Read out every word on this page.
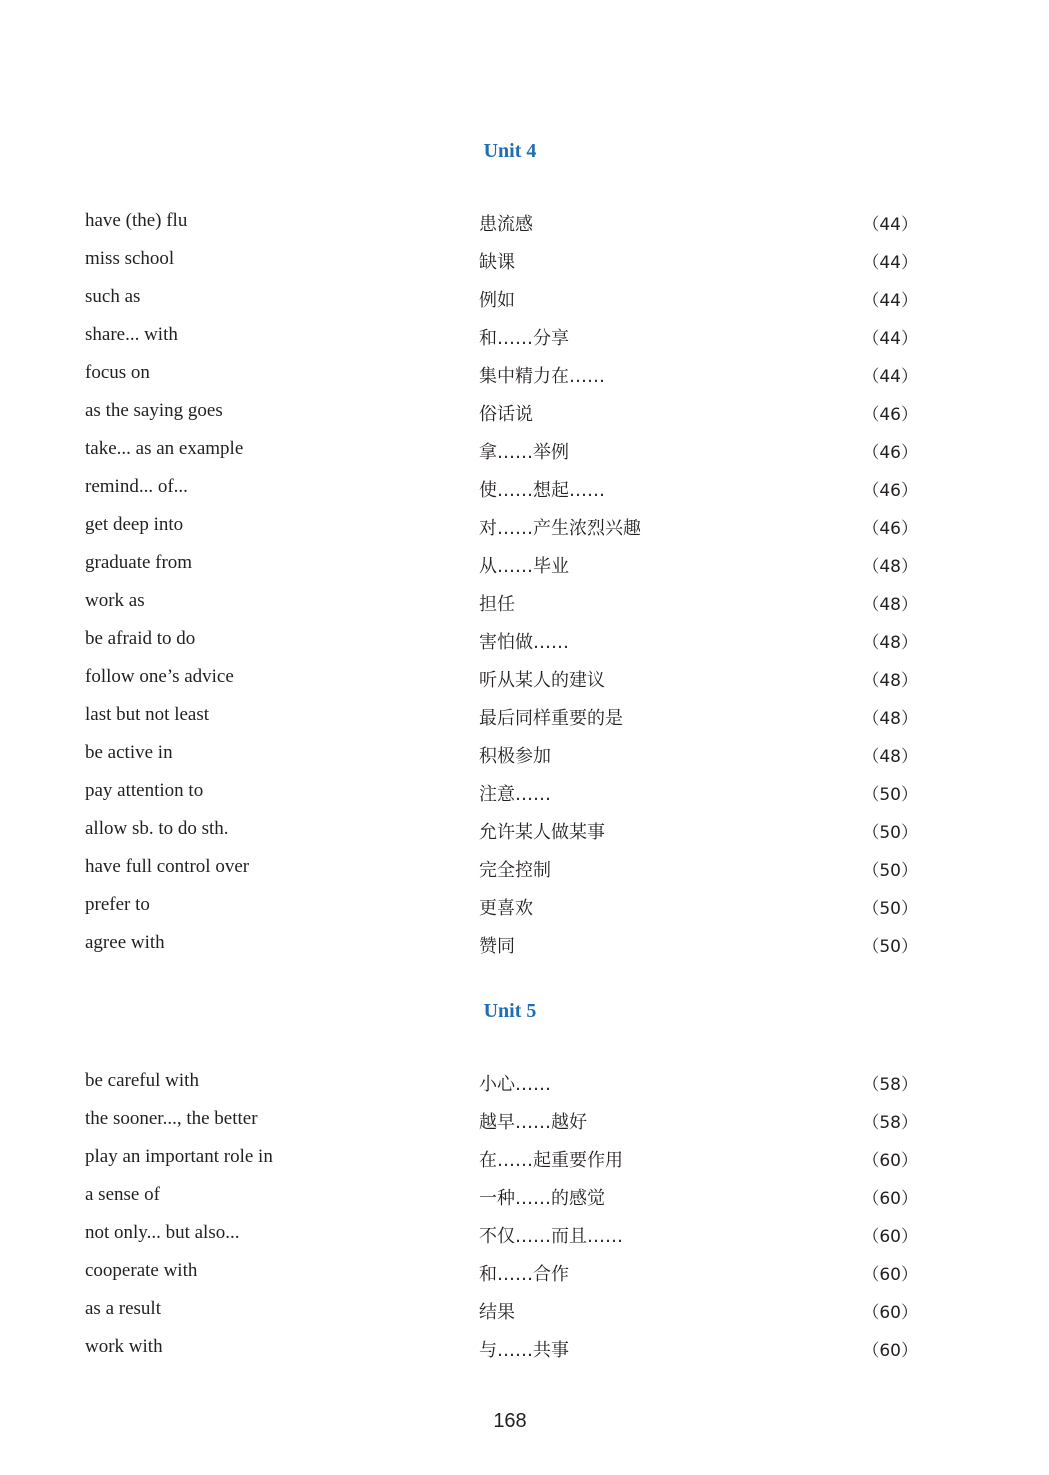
Unit 4
have (the) flu	患流感	（44）
miss school	缺课	（44）
such as	例如	（44）
share... with	和……分享	（44）
focus on	集中精力在……	（44）
as the saying goes	俗话说	（46）
take... as an example	拿……举例	（46）
remind... of...	使……想起……	（46）
get deep into	对……产生浓烈兴趣	（46）
graduate from	从……毕业	（48）
work as	担任	（48）
be afraid to do	害怕做……	（48）
follow one’s advice	听从某人的建议	（48）
last but not least	最后同样重要的是	（48）
be active in	积极参加	（48）
pay attention to	注意……	（50）
allow sb. to do sth.	允许某人做某事	（50）
have full control over	完全控制	（50）
prefer to	更喜欢	（50）
agree with	赞同	（50）
Unit 5
be careful with	小心……	（58）
the sooner..., the better	越早……越好	（58）
play an important role in	在……起重要作用	（60）
a sense of	一种……的感觉	（60）
not only... but also...	不仅……而且……	（60）
cooperate with	和……合作	（60）
as a result	结果	（60）
work with	与……共事	（60）
168
